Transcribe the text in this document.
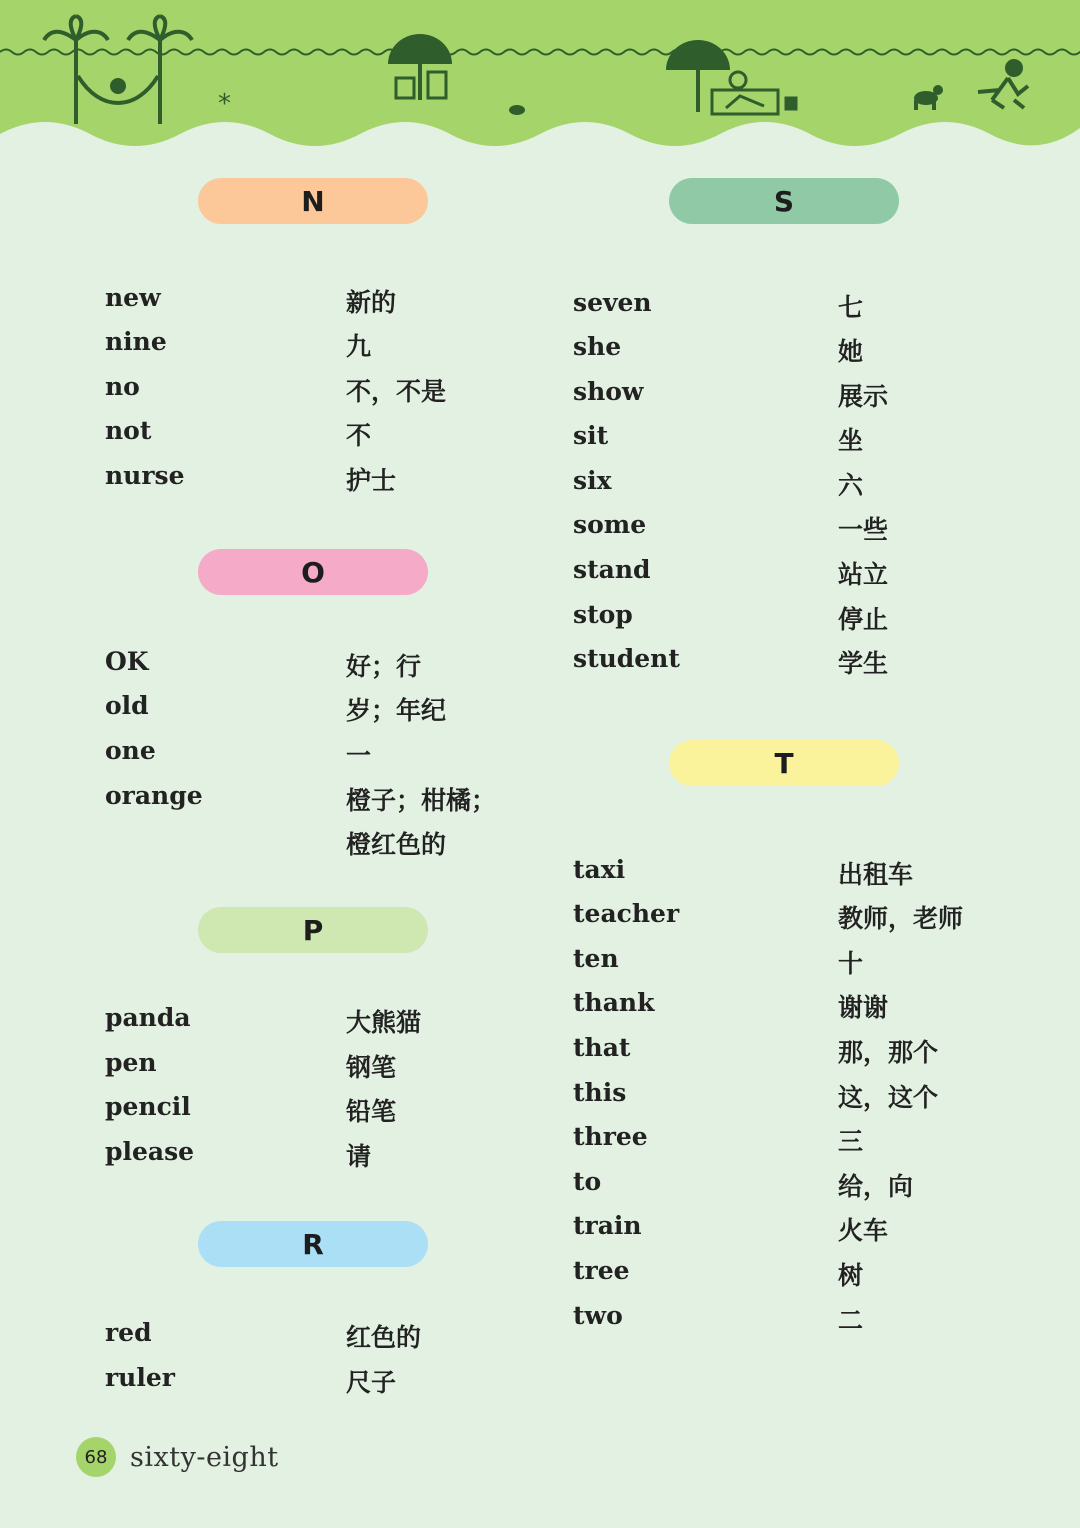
*
N
new	新的
nine	九
no	不，不是
not	不
nurse	护士
O
OK	好；行
old	岁；年纪
one	一
orange	橙子；柑橘；
橙红色的
P
panda	大熊猫
pen	钢笔
pencil	铅笔
please	请
R
red	红色的
ruler	尺子
S
seven	七
she	她
show	展示
sit	坐
six	六
some	一些
stand	站立
stop	停止
student	学生
T
taxi	出租车
teacher	教师，老师
ten	十
thank	谢谢
that	那，那个
this	这，这个
three	三
to	给，向
train	火车
tree	树
two	二
68 sixty-eight
